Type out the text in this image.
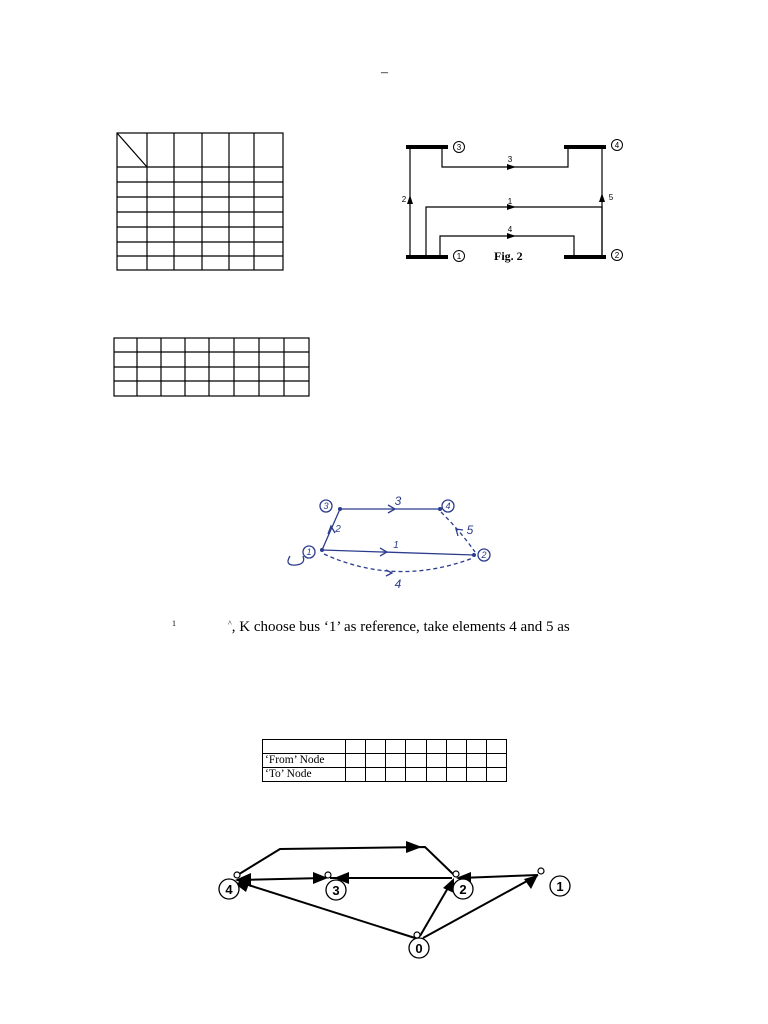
–
3	4
1	2
3
1
4
2	5
Fig. 2
3	4
1	2
3
2
1
5
4
$^1$	^, K choose bus ‘1’ as reference, take elements 4 and 5 as

‘From’ Node								
‘To’ Node								
4	3	2	1
0
